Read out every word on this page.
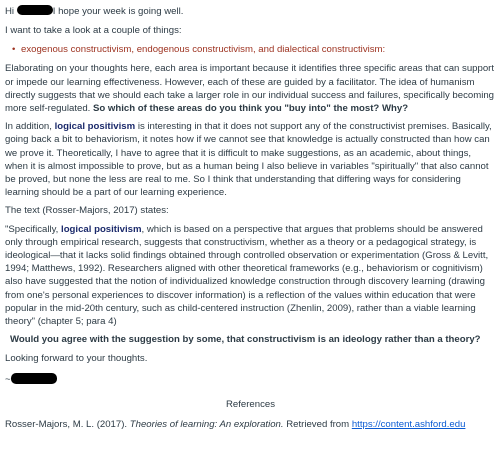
Hi	I hope your week is going well.

I want to take a look at a couple of things:

• exogenous constructivism, endogenous constructivism, and dialectical constructivism:

Elaborating on your thoughts here, each area is important because it identifies three specific areas that can support or impede our learning effectiveness. However, each of these are guided by a facilitator. The idea of humanism directly suggests that we should each take a larger role in our individual success and failures, specifically becoming more self-regulated. So which of these areas do you think you "buy into" the most? Why?

In addition, logical positivism is interesting in that it does not support any of the constructivist premises. Basically, going back a bit to behaviorism, it notes how if we cannot see that knowledge is actually constructed than how can we prove it. Theoretically, I have to agree that it is difficult to make suggestions, as an academic, about things, when it is almost impossible to prove, but as a human being I also believe in variables "spiritually" that also cannot be proved, but none the less are real to me. So I think that understanding that differing ways for considering learning should be a part of our learning experience.

The text (Rosser-Majors, 2017) states:

"Specifically, logical positivism, which is based on a perspective that argues that problems should be answered only through empirical research, suggests that constructivism, whether as a theory or a pedagogical strategy, is ideological—that it lacks solid findings obtained through controlled observation or experimentation (Gross & Levitt, 1994; Matthews, 1992). Researchers aligned with other theoretical frameworks (e.g., behaviorism or cognitivism) also have suggested that the notion of individualized knowledge construction through discovery learning (drawing from one's personal experiences to discover information) is a reflection of the values within education that were popular in the mid-20th century, such as child-centered instruction (Zhenlin, 2009), rather than a viable learning theory" (chapter 5; para 4)

Would you agree with the suggestion by some, that constructivism is an ideology rather than a theory?

Looking forward to your thoughts.

~

References

Rosser-Majors, M. L. (2017). Theories of learning: An exploration. Retrieved from https://content.ashford.edu
